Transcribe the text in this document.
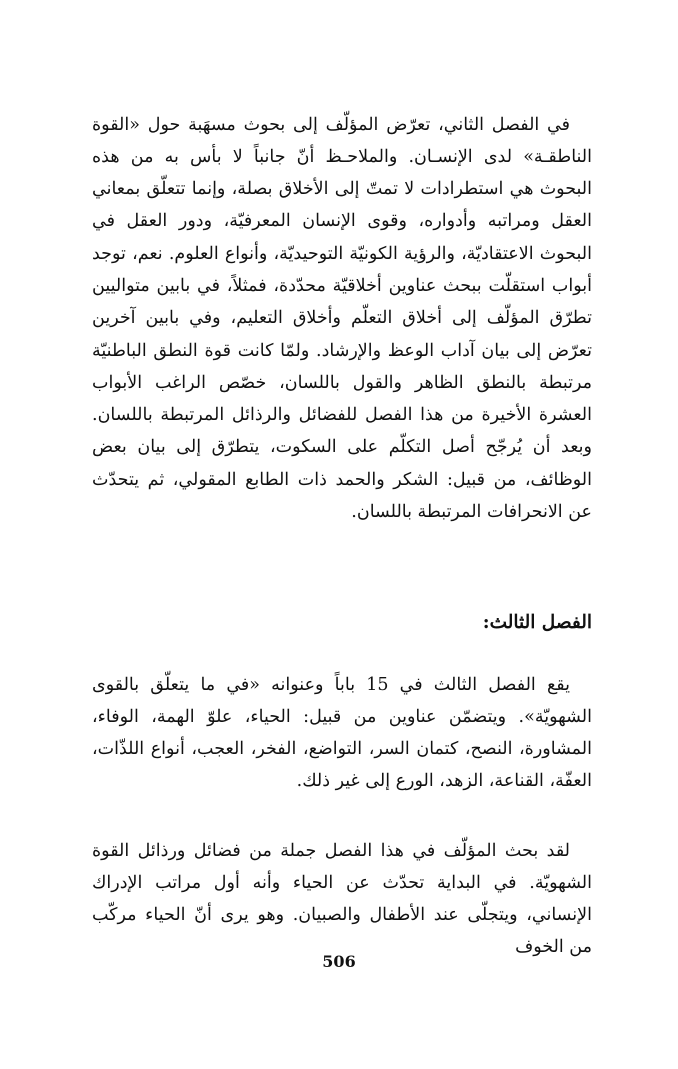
في الفصل الثاني، تعرّض المؤلّف إلى بحوث مسهَبة حول «القوة الناطقـة» لدى الإنسـان. والملاحـظ أنّ جانباً لا بأس به من هذه البحوث هي استطرادات لا تمتّ إلى الأخلاق بصلة، وإنما تتعلّق بمعاني العقل ومراتبه وأدواره، وقوى الإنسان المعرفيّة، ودور العقل في البحوث الاعتقاديّة، والرؤية الكونيّة التوحيديّة، وأنواع العلوم. نعم، توجد أبواب استقلّت ببحث عناوين أخلاقيّة محدّدة، فمثلاً، في بابين متواليين تطرّق المؤلّف إلى أخلاق التعلّم وأخلاق التعليم، وفي بابين آخرين تعرّض إلى بيان آداب الوعظ والإرشاد. ولمّا كانت قوة النطق الباطنيّة مرتبطة بالنطق الظاهر والقول باللسان، خصّص الراغب الأبواب العشرة الأخيرة من هذا الفصل للفضائل والرذائل المرتبطة باللسان. وبعد أن يُرجّح أصل التكلّم على السكوت، يتطرّق إلى بيان بعض الوظائف، من قبيل: الشكر والحمد ذات الطابع المقولي، ثم يتحدّث عن الانحرافات المرتبطة باللسان.

الفصل الثالث:

يقع الفصل الثالث في 15 باباً وعنوانه «في ما يتعلّق بالقوى الشهويّة». ويتضمّن عناوين من قبيل: الحياء، علوّ الهمة، الوفاء، المشاورة، النصح، كتمان السر، التواضع، الفخر، العجب، أنواع اللذّات، العفّة، القناعة، الزهد، الورع إلى غير ذلك.

لقد بحث المؤلّف في هذا الفصل جملة من فضائل ورذائل القوة الشهويّة. في البداية تحدّث عن الحياء وأنه أول مراتب الإدراك الإنساني، ويتجلّى عند الأطفال والصبيان. وهو يرى أنّ الحياء مركّب من الخوف

506
